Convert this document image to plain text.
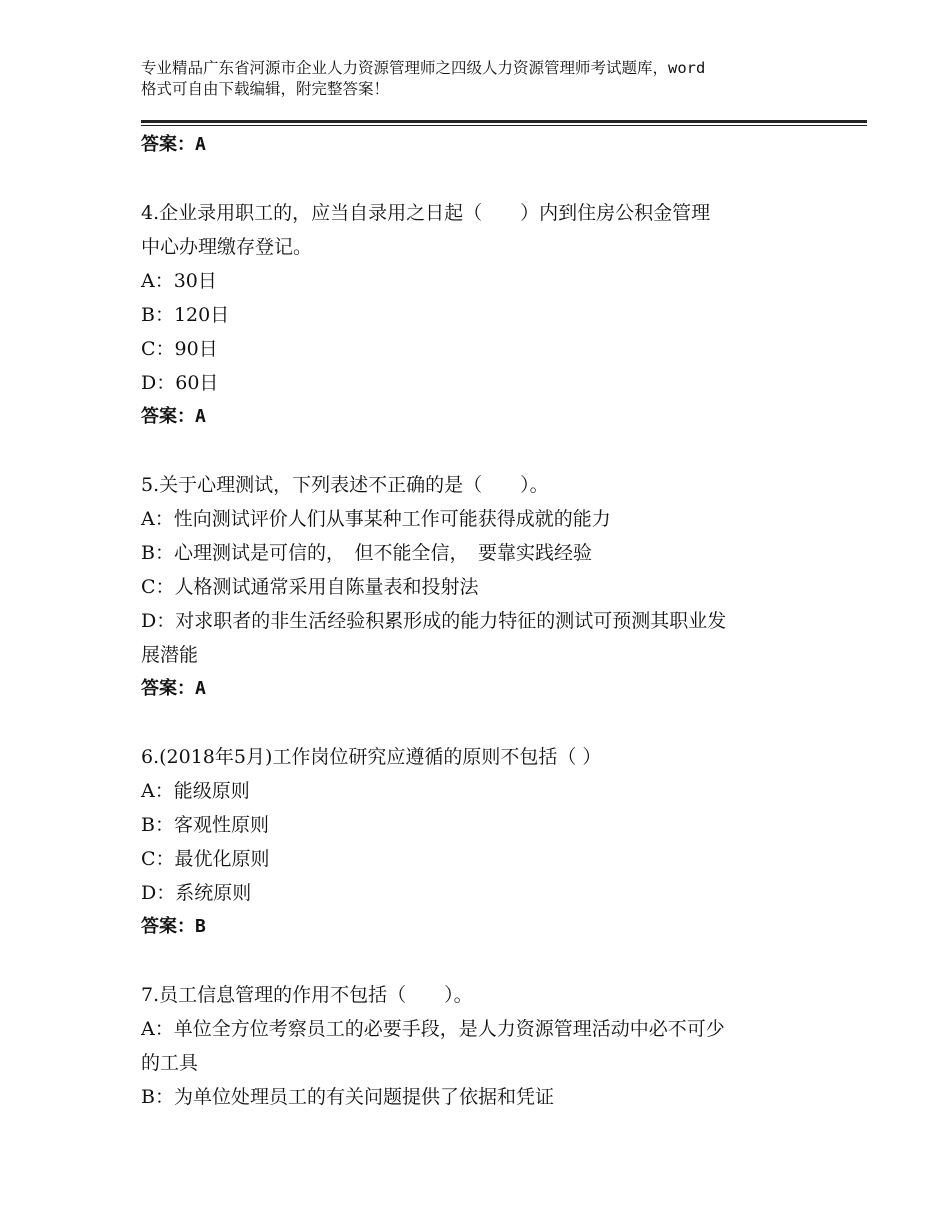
专业精品广东省河源市企业人力资源管理师之四级人力资源管理师考试题库，word
格式可自由下载编辑，附完整答案！
答案：A
4.企业录用职工的，应当自录用之日起（　　）内到住房公积金管理
中心办理缴存登记。
A：30日
B：120日
C：90日
D：60日
答案：A
5.关于心理测试，下列表述不正确的是（　　）。
A：性向测试评价人们从事某种工作可能获得成就的能力
B：心理测试是可信的，　但不能全信，　要靠实践经验
C：人格测试通常采用自陈量表和投射法
D：对求职者的非生活经验积累形成的能力特征的测试可预测其职业发
展潜能
答案：A
6.(2018年5月)工作岗位研究应遵循的原则不包括（ ）
A：能级原则
B：客观性原则
C：最优化原则
D：系统原则
答案：B
7.员工信息管理的作用不包括（　　）。
A：单位全方位考察员工的必要手段，是人力资源管理活动中必不可少
的工具
B：为单位处理员工的有关问题提供了依据和凭证
